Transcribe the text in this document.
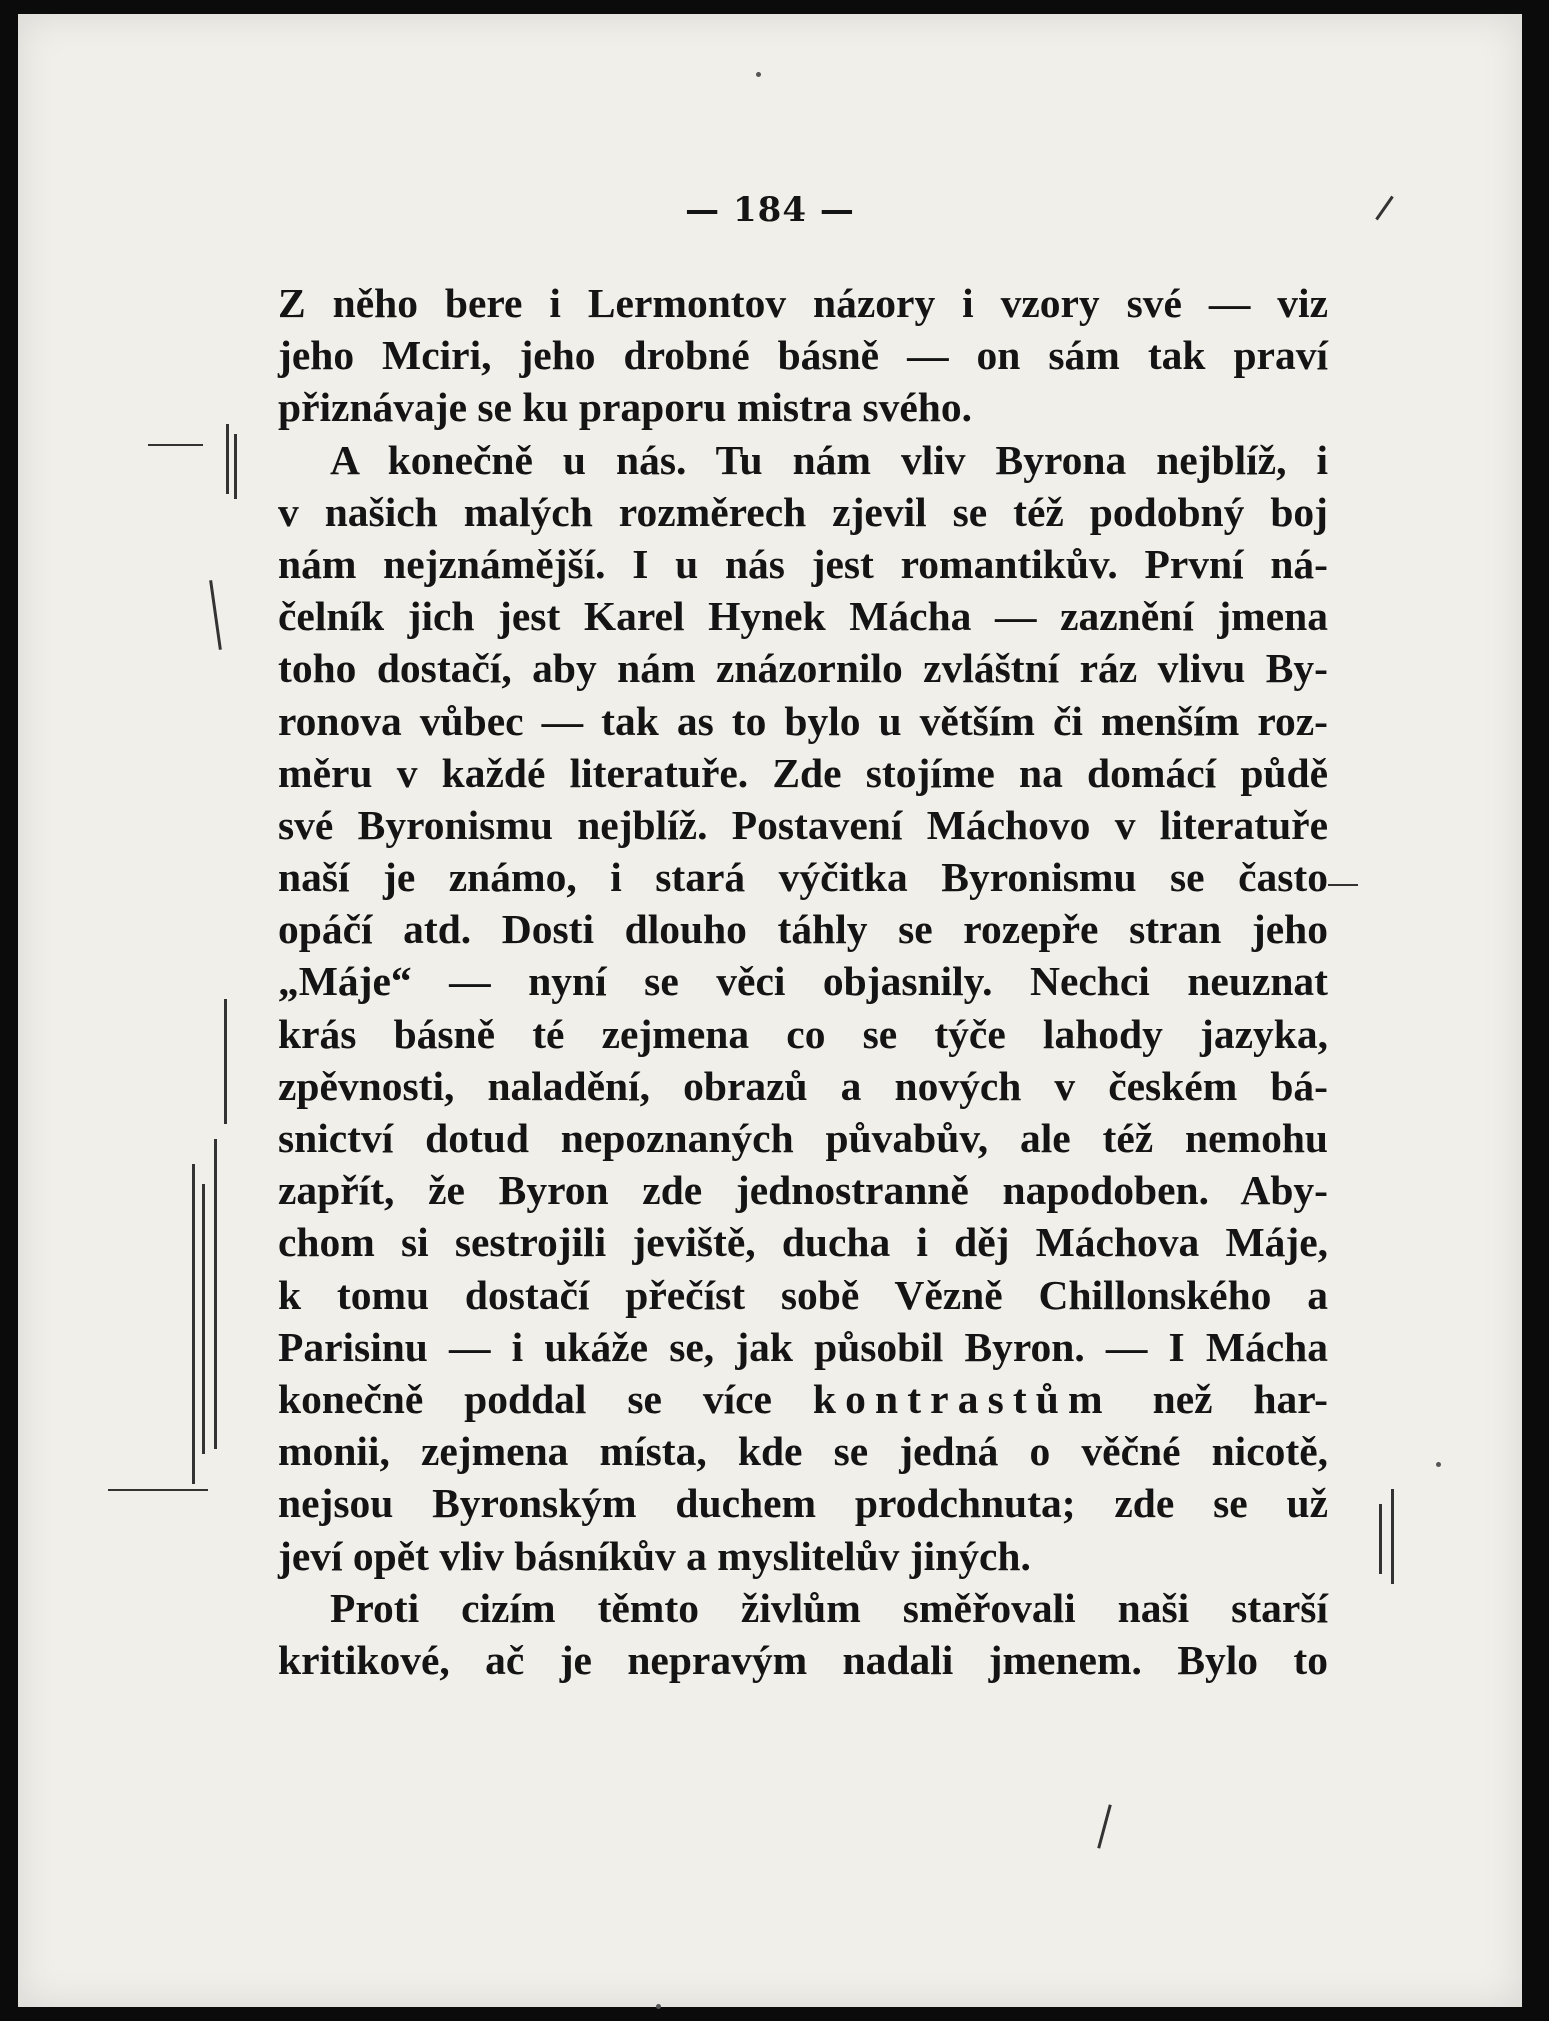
— 184 —
Z něho bere i Lermontov názory i vzory své — viz
jeho Mciri, jeho drobné básně — on sám tak praví
přiznávaje se ku praporu mistra svého.
A konečně u nás. Tu nám vliv Byrona nejblíž, i
v našich malých rozměrech zjevil se též podobný boj
nám nejznámější. I u nás jest romantikův. První ná-
čelník jich jest Karel Hynek Mácha — zaznění jmena
toho dostačí, aby nám znázornilo zvláštní ráz vlivu By-
ronova vůbec — tak as to bylo u větším či menším roz-
měru v každé literatuře. Zde stojíme na domácí půdě
své Byronismu nejblíž. Postavení Máchovo v literatuře
naší je známo, i stará výčitka Byronismu se často
opáčí atd. Dosti dlouho táhly se rozepře stran jeho
„Máje“ — nyní se věci objasnily. Nechci neuznat
krás básně té zejmena co se týče lahody jazyka,
zpěvnosti, naladění, obrazů a nových v českém bá-
snictví dotud nepoznaných půvabův, ale též nemohu
zapřít, že Byron zde jednostranně napodoben. Aby-
chom si sestrojili jeviště, ducha i děj Máchova Máje,
k tomu dostačí přečíst sobě Vězně Chillonského a
Parisinu — i ukáže se, jak působil Byron. — I Mácha
konečně poddal se více kontrastům než har-
monii, zejmena místa, kde se jedná o věčné nicotě,
nejsou Byronským duchem prodchnuta; zde se už
jeví opět vliv básníkův a myslitelův jiných.
Proti cizím těmto živlům směřovali naši starší
kritikové, ač je nepravým nadali jmenem. Bylo to
